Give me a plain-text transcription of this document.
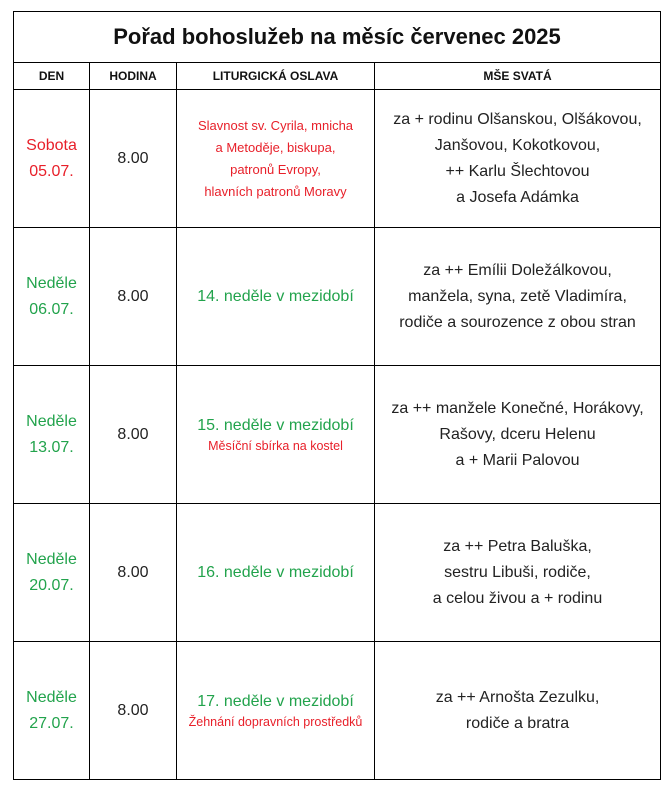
Pořad bohoslužeb na měsíc červenec 2025			
DEN	HODINA	LITURGICKÁ OSLAVA	MŠE SVATÁ

Sobota
05.07.	8.00	Slavnost sv. Cyrila, mnicha
a Metoděje, biskupa,
patronů Evropy,
hlavních patronů Moravy	za + rodinu Olšanskou, Olšákovou,
Janšovou, Kokotkovou,
++ Karlu Šlechtovou
a Josefa Adámka

Neděle
06.07.	8.00	14. neděle v mezidobí	za ++ Emílii Doležálkovou,
manžela, syna, zetě Vladimíra,
rodiče a sourozence z obou stran

Neděle
13.07.	8.00	15. neděle v mezidobí
Měsíční sbírka na kostel	za ++ manžele Konečné, Horákovy,
Rašovy, dceru Helenu
a + Marii Palovou

Neděle
20.07.	8.00	16. neděle v mezidobí	za ++ Petra Baluška,
sestru Libuši, rodiče,
a celou živou a + rodinu

Neděle
27.07.	8.00	17. neděle v mezidobí
Žehnání dopravních prostředků	za ++ Arnošta Zezulku,
rodiče a bratra
